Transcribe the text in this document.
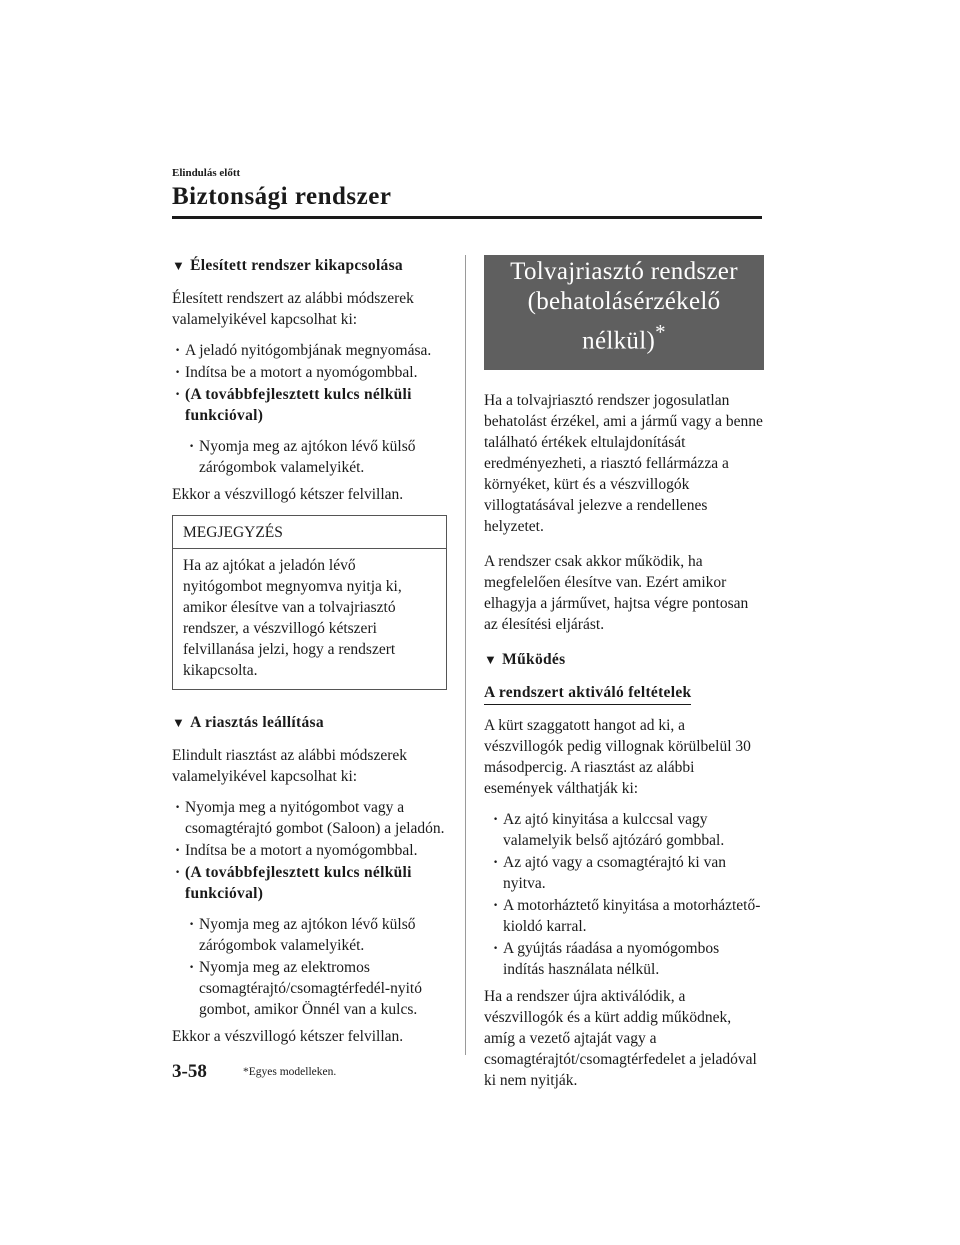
Elindulás előtt
Biztonsági rendszer
▼ Élesített rendszer kikapcsolása

Élesített rendszert az alábbi módszerek valamelyikével kapcsolhat ki:

· A jeladó nyitógombjának megnyomása.
· Indítsa be a motort a nyomógombbal.
· (A továbbfejlesztett kulcs nélküli funkcióval)
· Nyomja meg az ajtókon lévő külső zárógombok valamelyikét.

Ekkor a vészvillogó kétszer felvillan.

MEGJEGYZÉS
Ha az ajtókat a jeladón lévő nyitógombot megnyomva nyitja ki, amikor élesítve van a tolvajriasztó rendszer, a vészvillogó kétszeri felvillanása jelzi, hogy a rendszert kikapcsolta.
▼ A riasztás leállítása

Elindult riasztást az alábbi módszerek valamelyikével kapcsolhat ki:

· Nyomja meg a nyitógombot vagy a csomagtérajtó gombot (Saloon) a jeladón.
· Indítsa be a motort a nyomógombbal.
· (A továbbfejlesztett kulcs nélküli funkcióval)
· Nyomja meg az ajtókon lévő külső zárógombok valamelyikét.
· Nyomja meg az elektromos csomagtérajtó/csomagtérfedél-nyitó gombot, amikor Önnél van a kulcs.

Ekkor a vészvillogó kétszer felvillan.

Tolvajriasztó rendszer (behatolásérzékelő nélkül)*

Ha a tolvajriasztó rendszer jogosulatlan behatolást érzékel, ami a jármű vagy a benne található értékek eltulajdonítását eredményezheti, a riasztó fellármázza a környéket, kürt és a vészvillogók villogtatásával jelezve a rendellenes helyzetet.

A rendszer csak akkor működik, ha megfelelően élesítve van. Ezért amikor elhagyja a járművet, hajtsa végre pontosan az élesítési eljárást.

▼ Működés
A rendszert aktiváló feltételek

A kürt szaggatott hangot ad ki, a vészvillogók pedig villognak körülbelül 30 másodpercig. A riasztást az alábbi események válthatják ki:

· Az ajtó kinyitása a kulccsal vagy valamelyik belső ajtózáró gombbal.
· Az ajtó vagy a csomagtérajtó ki van nyitva.
· A motorháztető kinyitása a motorháztető-kioldó karral.
· A gyújtás ráadása a nyomógombos indítás használata nélkül.

Ha a rendszer újra aktiválódik, a vészvillogók és a kürt addig működnek, amíg a vezető ajtaját vagy a csomagtérajtót/csomagtérfedelet a jeladóval ki nem nyitják.

3-58	*Egyes modelleken.
